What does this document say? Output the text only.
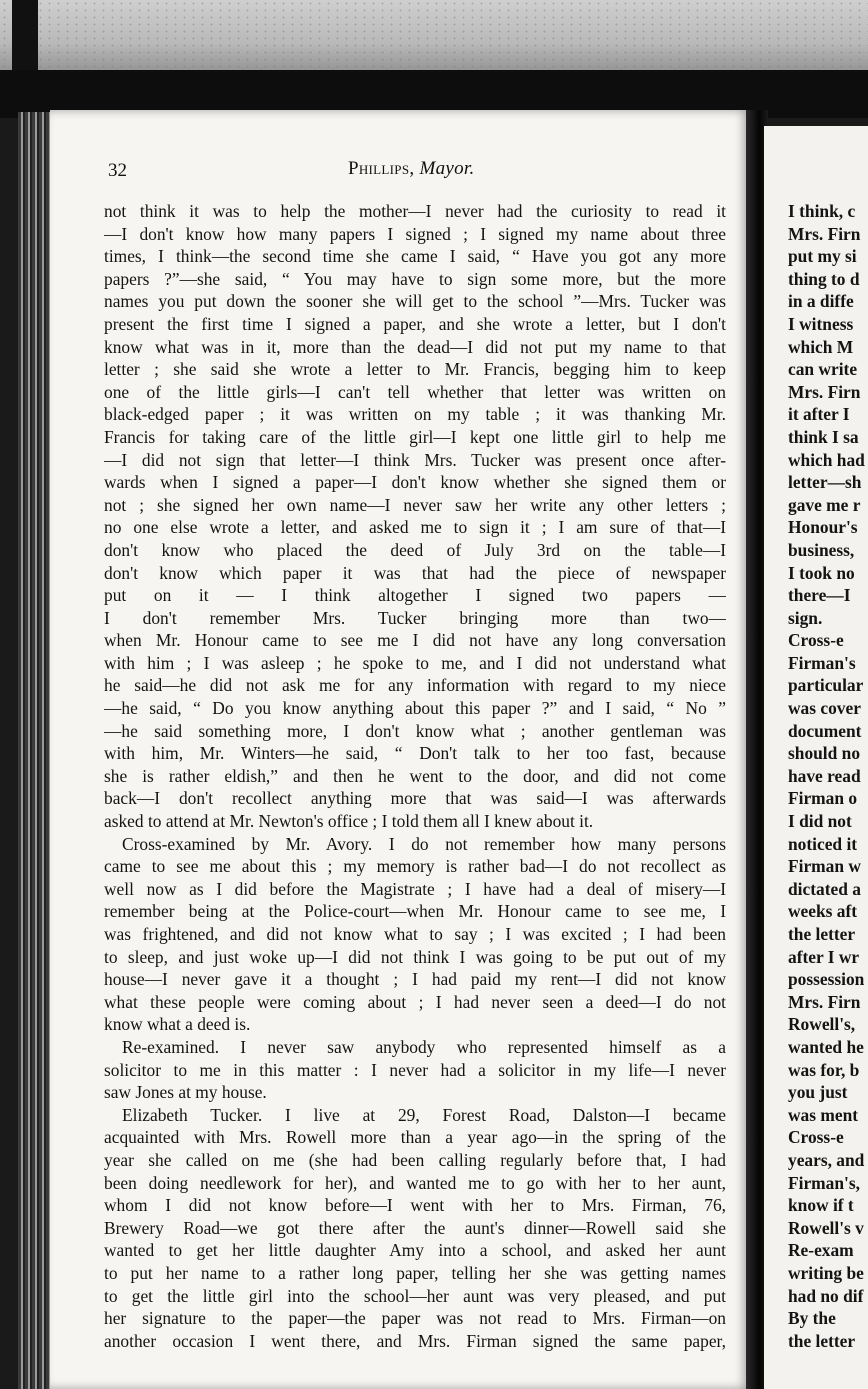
32	Phillips, Mayor.
not think it was to help the mother—I never had the curiosity to read it
—I don't know how many papers I signed ; I signed my name about three
times, I think—the second time she came I said, “ Have you got any more
papers ?”—she said, “ You may have to sign some more, but the more
names you put down the sooner she will get to the school ”—Mrs. Tucker was
present the first time I signed a paper, and she wrote a letter, but I don't
know what was in it, more than the dead—I did not put my name to that
letter ; she said she wrote a letter to Mr. Francis, begging him to keep
one of the little girls—I can't tell whether that letter was written on
black-edged paper ; it was written on my table ; it was thanking Mr.
Francis for taking care of the little girl—I kept one little girl to help me
—I did not sign that letter—I think Mrs. Tucker was present once after-
wards when I signed a paper—I don't know whether she signed them or
not ; she signed her own name—I never saw her write any other letters ;
no one else wrote a letter, and asked me to sign it ; I am sure of that—I
don't know who placed the deed of July 3rd on the table—I
don't know which paper it was that had the piece of newspaper
put on it — I think altogether I signed two papers —
I don't remember Mrs. Tucker bringing more than two—
when Mr. Honour came to see me I did not have any long conversation
with him ; I was asleep ; he spoke to me, and I did not understand what
he said—he did not ask me for any information with regard to my niece
—he said, “ Do you know anything about this paper ?” and I said, “ No ”
—he said something more, I don't know what ; another gentleman was
with him, Mr. Winters—he said, “ Don't talk to her too fast, because
she is rather eldish,” and then he went to the door, and did not come
back—I don't recollect anything more that was said—I was afterwards
asked to attend at Mr. Newton's office ; I told them all I knew about it.
Cross-examined by Mr. Avory. I do not remember how many persons
came to see me about this ; my memory is rather bad—I do not recollect as
well now as I did before the Magistrate ; I have had a deal of misery—I
remember being at the Police-court—when Mr. Honour came to see me, I
was frightened, and did not know what to say ; I was excited ; I had been
to sleep, and just woke up—I did not think I was going to be put out of my
house—I never gave it a thought ; I had paid my rent—I did not know
what these people were coming about ; I had never seen a deed—I do not
know what a deed is.
Re-examined. I never saw anybody who represented himself as a
solicitor to me in this matter : I never had a solicitor in my life—I never
saw Jones at my house.
Elizabeth Tucker. I live at 29, Forest Road, Dalston—I became
acquainted with Mrs. Rowell more than a year ago—in the spring of the
year she called on me (she had been calling regularly before that, I had
been doing needlework for her), and wanted me to go with her to her aunt,
whom I did not know before—I went with her to Mrs. Firman, 76,
Brewery Road—we got there after the aunt's dinner—Rowell said she
wanted to get her little daughter Amy into a school, and asked her aunt
to put her name to a rather long paper, telling her she was getting names
to get the little girl into the school—her aunt was very pleased, and put
her signature to the paper—the paper was not read to Mrs. Firman—on
another occasion I went there, and Mrs. Firman signed the same paper,
I think, c
Mrs. Firn
put my si
thing to d
in a diffe
I witness
which M
can write
Mrs. Firn
it after I
think I sa
which had
letter—sh
gave me r
Honour's
business,
I took no
there—I
sign.
Cross-e
Firman's
particular
was cover
document
should no
have read
Firman o
I did not
noticed it
Firman w
dictated a
weeks aft
the letter
after I wr
possession
Mrs. Firn
Rowell's,
wanted he
was for, b
you just
was ment
Cross-e
years, and
Firman's,
know if t
Rowell's v
Re-exam
writing be
had no dif
By the
the letter
